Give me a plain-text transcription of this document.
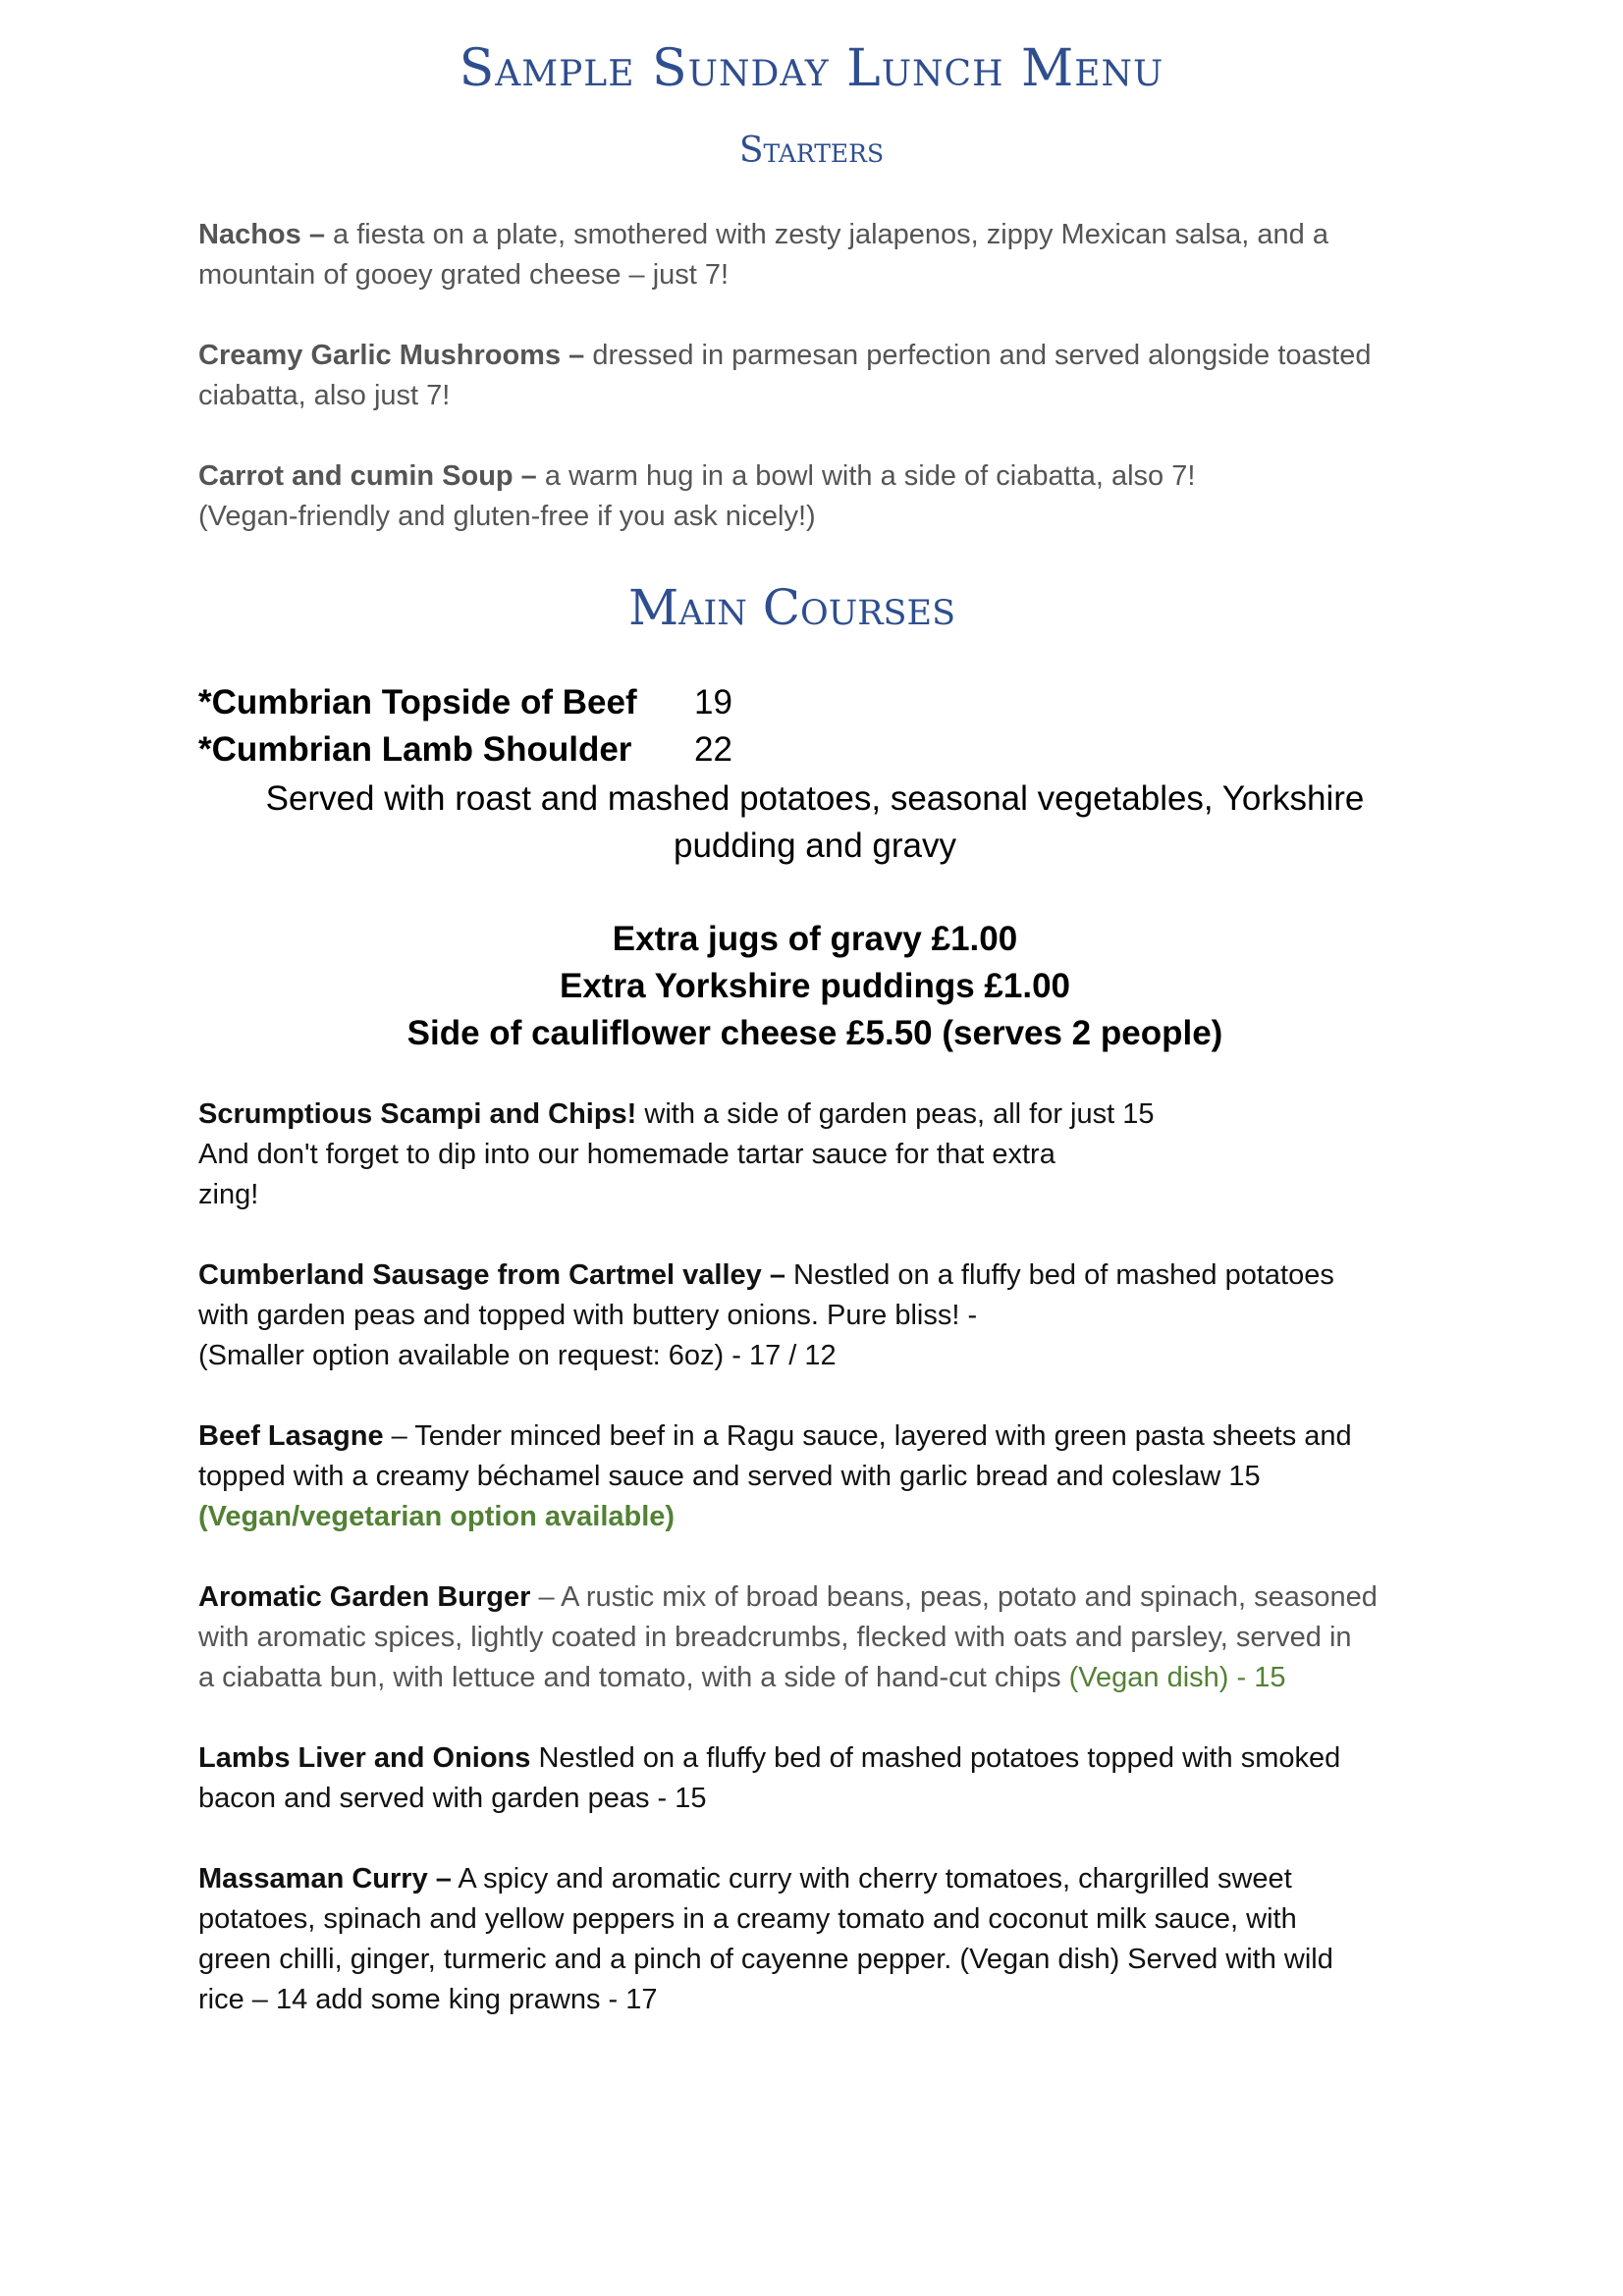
Sample Sunday Lunch Menu
Starters
Nachos – a fiesta on a plate, smothered with zesty jalapenos, zippy Mexican salsa, and a
mountain of gooey grated cheese – just 7!
Creamy Garlic Mushrooms – dressed in parmesan perfection and served alongside toasted
ciabatta, also just 7!
Carrot and cumin Soup – a warm hug in a bowl with a side of ciabatta, also 7!
(Vegan-friendly and gluten-free if you ask nicely!)
Main Courses
*Cumbrian Topside of Beef 19
*Cumbrian Lamb Shoulder 22
Served with roast and mashed potatoes, seasonal vegetables, Yorkshire
pudding and gravy
Extra jugs of gravy £1.00
Extra Yorkshire puddings £1.00
Side of cauliflower cheese £5.50 (serves 2 people)
Scrumptious Scampi and Chips! with a side of garden peas, all for just 15
And don't forget to dip into our homemade tartar sauce for that extra
zing!
Cumberland Sausage from Cartmel valley – Nestled on a fluffy bed of mashed potatoes
with garden peas and topped with buttery onions. Pure bliss! -
(Smaller option available on request: 6oz) - 17 / 12
Beef Lasagne – Tender minced beef in a Ragu sauce, layered with green pasta sheets and
topped with a creamy béchamel sauce and served with garlic bread and coleslaw 15
(Vegan/vegetarian option available)
Aromatic Garden Burger – A rustic mix of broad beans, peas, potato and spinach, seasoned
with aromatic spices, lightly coated in breadcrumbs, flecked with oats and parsley, served in
a ciabatta bun, with lettuce and tomato, with a side of hand-cut chips (Vegan dish) - 15
Lambs Liver and Onions Nestled on a fluffy bed of mashed potatoes topped with smoked
bacon and served with garden peas - 15
Massaman Curry – A spicy and aromatic curry with cherry tomatoes, chargrilled sweet
potatoes, spinach and yellow peppers in a creamy tomato and coconut milk sauce, with
green chilli, ginger, turmeric and a pinch of cayenne pepper. (Vegan dish) Served with wild
rice – 14 add some king prawns - 17
